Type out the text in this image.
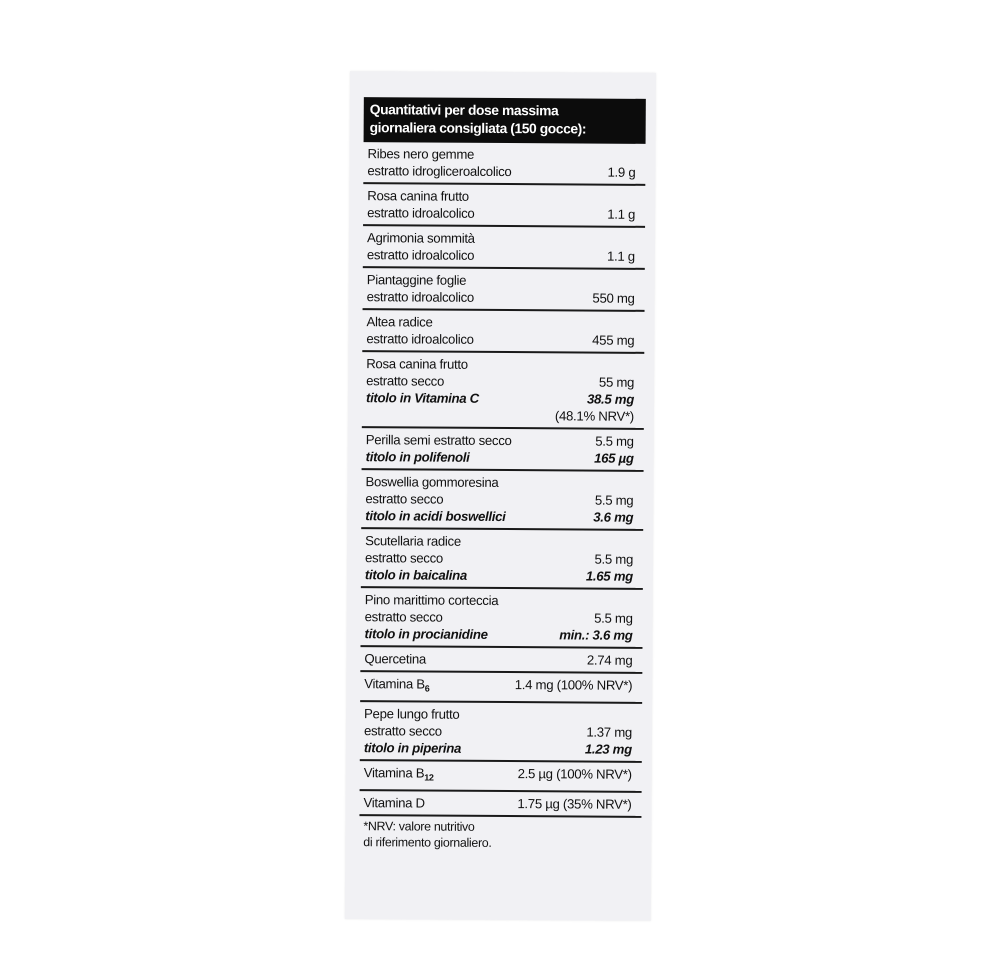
Quantitativi per dose massima
giornaliera consigliata (150 gocce):
Ribes nero gemme
estratto idrogliceroalcolico	1.9 g
Rosa canina frutto
estratto idroalcolico	1.1 g
Agrimonia sommità
estratto idroalcolico	1.1 g
Piantaggine foglie
estratto idroalcolico	550 mg
Altea radice
estratto idroalcolico	455 mg
Rosa canina frutto
estratto secco	55 mg
titolo in Vitamina C	38.5 mg
(48.1% NRV*)
Perilla semi estratto secco	5.5 mg
titolo in polifenoli	165 µg
Boswellia gommoresina
estratto secco	5.5 mg
titolo in acidi boswellici	3.6 mg
Scutellaria radice
estratto secco	5.5 mg
titolo in baicalina	1.65 mg
Pino marittimo corteccia
estratto secco	5.5 mg
titolo in procianidine	min.: 3.6 mg
Quercetina	2.74 mg
Vitamina $B_6$	1.4 mg (100% NRV*)
Pepe lungo frutto
estratto secco	1.37 mg
titolo in piperina	1.23 mg
Vitamina $B_{12}$	2.5 µg (100% NRV*)
Vitamina D	1.75 µg (35% NRV*)
*NRV: valore nutritivo
di riferimento giornaliero.
